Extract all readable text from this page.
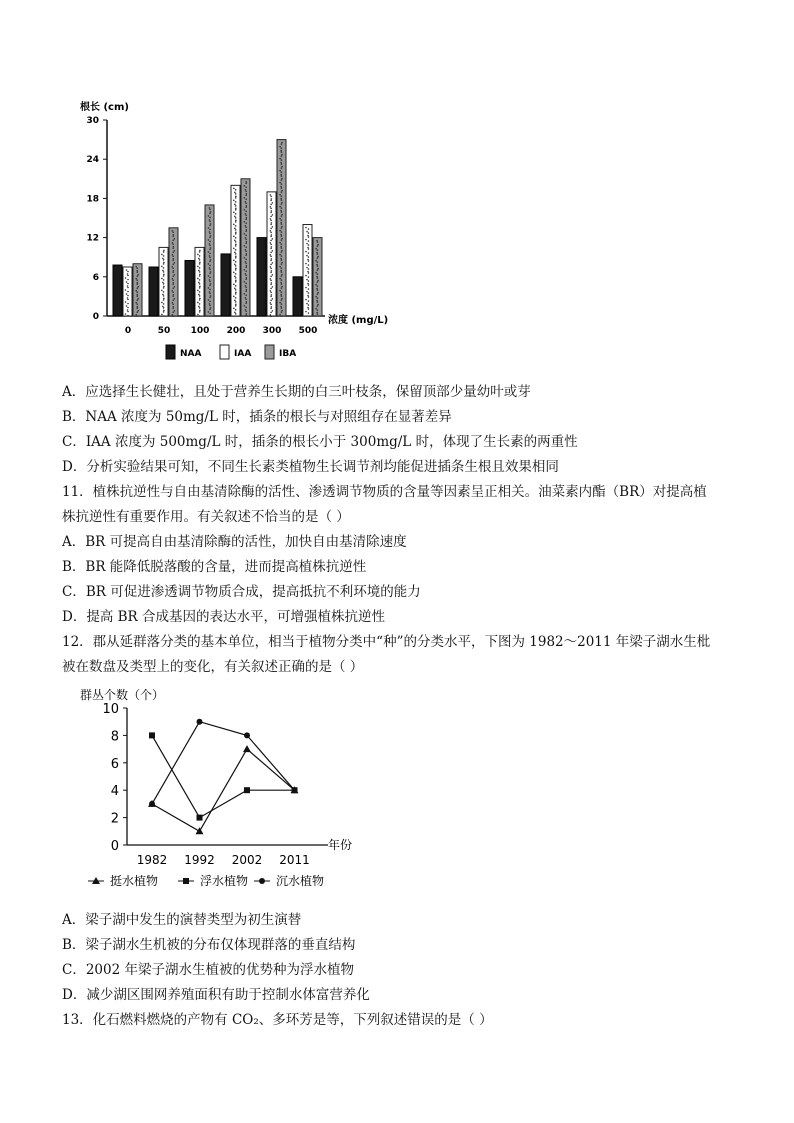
根长 (cm)
0
6
12
18
24
30
0	50 100 200 300 500
浓度 (mg/L)
NAA	IAA	IBA
A．应选择生长健壮，且处于营养生长期的白三叶枝条，保留顶部少量幼叶或芽
B．NAA 浓度为 50mg/L 时，插条的根长与对照组存在显著差异
C．IAA 浓度为 500mg/L 时，插条的根长小于 300mg/L 时，体现了生长素的两重性
D．分析实验结果可知，不同生长素类植物生长调节剂均能促进插条生根且效果相同
11．植株抗逆性与自由基清除酶的活性、渗透调节物质的含量等因素呈正相关。油菜素内酯（BR）对提高植
株抗逆性有重要作用。有关叙述不恰当的是（ ）
A．BR 可提高自由基清除酶的活性，加快自由基清除速度
B．BR 能降低脱落酸的含量，进而提高植株抗逆性
C．BR 可促进渗透调节物质合成，提高抵抗不利环境的能力
D．提高 BR 合成基因的表达水平，可增强植株抗逆性
12．郡从延群落分类的基本单位，相当于植物分类中“种”的分类水平，下图为 1982～2011 年梁子湖水生枇
被在数盘及类型上的变化，有关叙述正确的是（ ）
群丛个数（个）
0
2
4
6
8
10
1982 1992 2002 2011
年份
挺水植物	浮水植物 沉水植物
A．梁子湖中发生的演替类型为初生演替
B．梁子湖水生机被的分布仅体现群落的垂直结构
C．2002 年梁子湖水生植被的优势种为浮水植物
D．减少湖区围网养殖面积有助于控制水体富营养化
13．化石燃料燃烧的产物有 CO₂、多环芳是等，下列叙述错误的是（ ）
